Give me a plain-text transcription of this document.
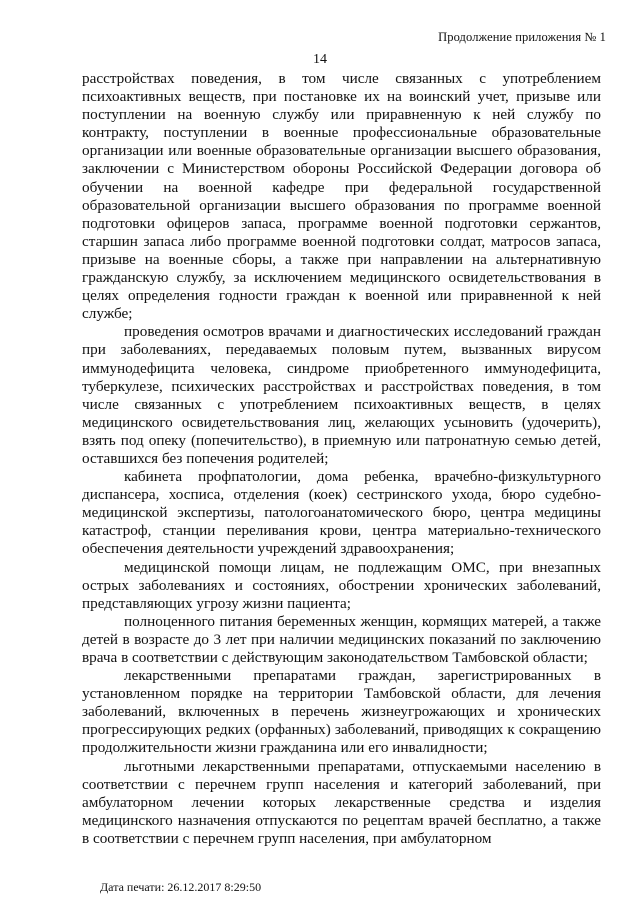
Продолжение приложения № 1
14

расстройствах поведения, в том числе связанных с употреблением психоактивных веществ, при постановке их на воинский учет, призыве или поступлении на военную службу или приравненную к ней службу по контракту, поступлении в военные профессиональные образовательные организации или военные образовательные организации высшего образования, заключении с Министерством обороны Российской Федерации договора об обучении на военной кафедре при федеральной государственной образовательной организации высшего образования по программе военной подготовки офицеров запаса, программе военной подготовки сержантов, старшин запаса либо программе военной подготовки солдат, матросов запаса, призыве на военные сборы, а также при направлении на альтернативную гражданскую службу, за исключением медицинского освидетельствования в целях определения годности граждан к военной или приравненной к ней службе;

проведения осмотров врачами и диагностических исследований граждан при заболеваниях, передаваемых половым путем, вызванных вирусом иммунодефицита человека, синдроме приобретенного иммунодефицита, туберкулезе, психических расстройствах и расстройствах поведения, в том числе связанных с употреблением психоактивных веществ, в целях медицинского освидетельствования лиц, желающих усыновить (удочерить), взять под опеку (попечительство), в приемную или патронатную семью детей, оставшихся без попечения родителей;

кабинета профпатологии, дома ребенка, врачебно-физкультурного диспансера, хосписа, отделения (коек) сестринского ухода, бюро судебно-медицинской экспертизы, патологоанатомического бюро, центра медицины катастроф, станции переливания крови, центра материально-технического обеспечения деятельности учреждений здравоохранения;

медицинской помощи лицам, не подлежащим ОМС, при внезапных острых заболеваниях и состояниях, обострении хронических заболеваний, представляющих угрозу жизни пациента;

полноценного питания беременных женщин, кормящих матерей, а также детей в возрасте до 3 лет при наличии медицинских показаний по заключению врача в соответствии с действующим законодательством Тамбовской области;

лекарственными препаратами граждан, зарегистрированных в установленном порядке на территории Тамбовской области, для лечения заболеваний, включенных в перечень жизнеугрожающих и хронических прогрессирующих редких (орфанных) заболеваний, приводящих к сокращению продолжительности жизни гражданина или его инвалидности;

льготными лекарственными препаратами, отпускаемыми населению в соответствии с перечнем групп населения и категорий заболеваний, при амбулаторном лечении которых лекарственные средства и изделия медицинского назначения отпускаются по рецептам врачей бесплатно, а также в соответствии с перечнем групп населения, при амбулаторном

Дата печати: 26.12.2017 8:29:50
